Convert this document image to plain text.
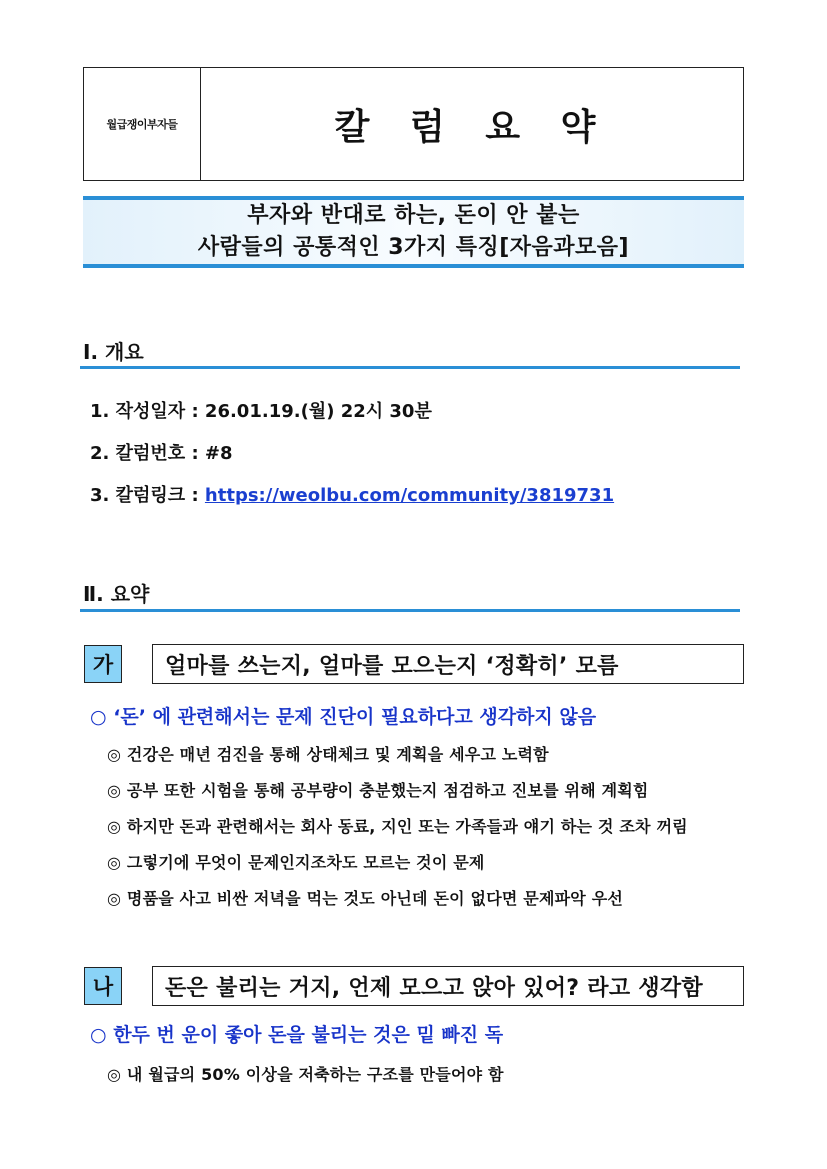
월급쟁이부자들	칼 럼 요 약
부자와 반대로 하는, 돈이 안 붙는
사람들의 공통적인 3가지 특징[자음과모음]
Ⅰ. 개요
1. 작성일자 : 26.01.19.(월) 22시 30분
2. 칼럼번호 : #8
3. 칼럼링크 : https://weolbu.com/community/3819731
Ⅱ. 요약
가	얼마를 쓰는지, 얼마를 모으는지 ‘정확히’ 모름
○ ‘돈’ 에 관련해서는 문제 진단이 필요하다고 생각하지 않음
◎ 건강은 매년 검진을 통해 상태체크 및 계획을 세우고 노력함
◎ 공부 또한 시험을 통해 공부량이 충분했는지 점검하고 진보를 위해 계획힘
◎ 하지만 돈과 관련해서는 회사 동료, 지인 또는 가족들과 얘기 하는 것 조차 꺼림
◎ 그렇기에 무엇이 문제인지조차도 모르는 것이 문제
◎ 명품을 사고 비싼 저녁을 먹는 것도 아닌데 돈이 없다면 문제파악 우선
나	돈은 불리는 거지, 언제 모으고 앉아 있어? 라고 생각함
○ 한두 번 운이 좋아 돈을 불리는 것은 밑 빠진 독
◎ 내 월급의 50% 이상을 저축하는 구조를 만들어야 함
